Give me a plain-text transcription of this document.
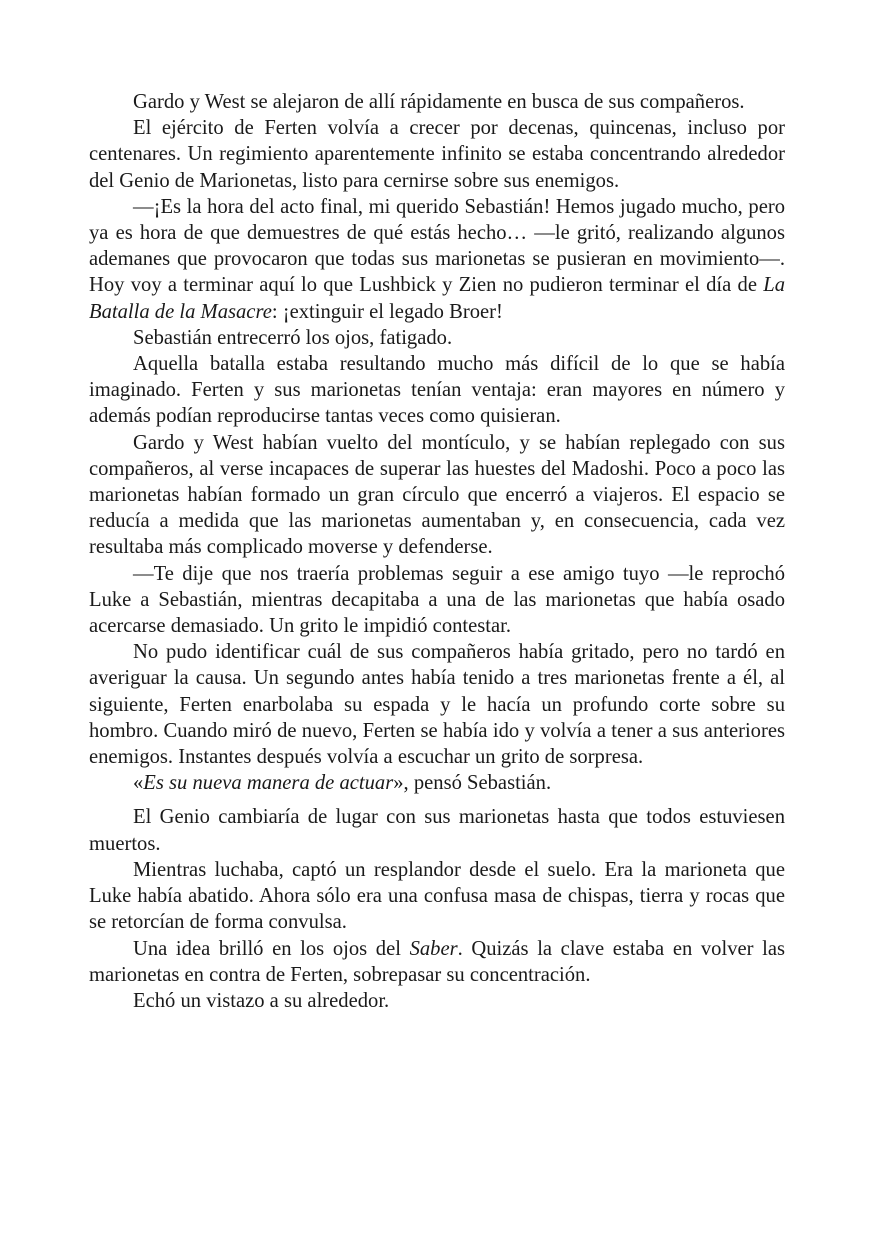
Gardo y West se alejaron de allí rápidamente en busca de sus compañeros.

El ejército de Ferten volvía a crecer por decenas, quincenas, incluso por centenares. Un regimiento aparentemente infinito se estaba concentrando alrededor del Genio de Marionetas, listo para cernirse sobre sus enemigos.

—¡Es la hora del acto final, mi querido Sebastián! Hemos jugado mucho, pero ya es hora de que demuestres de qué estás hecho… —le gritó, realizando algunos ademanes que provocaron que todas sus marionetas se pusieran en movimiento—. Hoy voy a terminar aquí lo que Lushbick y Zien no pudieron terminar el día de La Batalla de la Masacre: ¡extinguir el legado Broer!

Sebastián entrecerró los ojos, fatigado.

Aquella batalla estaba resultando mucho más difícil de lo que se había imaginado. Ferten y sus marionetas tenían ventaja: eran mayores en número y además podían reproducirse tantas veces como quisieran.

Gardo y West habían vuelto del montículo, y se habían replegado con sus compañeros, al verse incapaces de superar las huestes del Madoshi. Poco a poco las marionetas habían formado un gran círculo que encerró a viajeros. El espacio se reducía a medida que las marionetas aumentaban y, en consecuencia, cada vez resultaba más complicado moverse y defenderse.

—Te dije que nos traería problemas seguir a ese amigo tuyo —le reprochó Luke a Sebastián, mientras decapitaba a una de las marionetas que había osado acercarse demasiado. Un grito le impidió contestar.

No pudo identificar cuál de sus compañeros había gritado, pero no tardó en averiguar la causa. Un segundo antes había tenido a tres marionetas frente a él, al siguiente, Ferten enarbolaba su espada y le hacía un profundo corte sobre su hombro. Cuando miró de nuevo, Ferten se había ido y volvía a tener a sus anteriores enemigos. Instantes después volvía a escuchar un grito de sorpresa.

«Es su nueva manera de actuar», pensó Sebastián.

El Genio cambiaría de lugar con sus marionetas hasta que todos estuviesen muertos.

Mientras luchaba, captó un resplandor desde el suelo. Era la marioneta que Luke había abatido. Ahora sólo era una confusa masa de chispas, tierra y rocas que se retorcían de forma convulsa.

Una idea brilló en los ojos del Saber. Quizás la clave estaba en volver las marionetas en contra de Ferten, sobrepasar su concentración.

Echó un vistazo a su alrededor.
